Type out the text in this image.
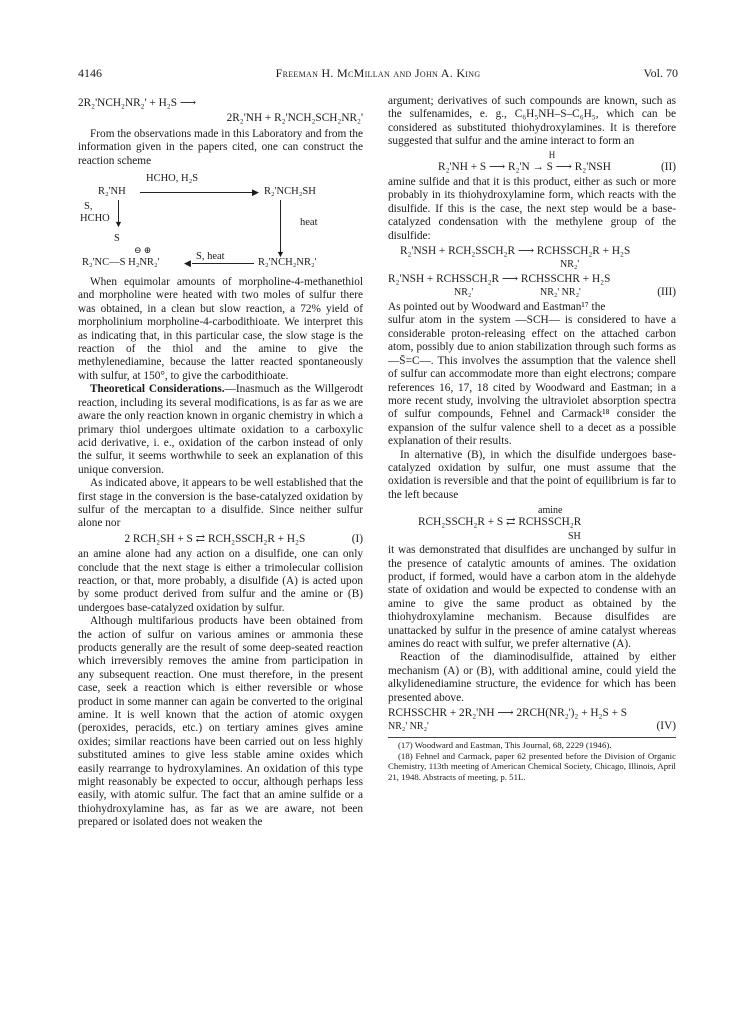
4146	Freeman H. McMillan and John A. King	Vol. 70
2R₂'NCH₂NR₂' + H₂S ⟶
2R₂'NH + R₂'NCH₂SCH₂NR₂'

From the observations made in this Laboratory and from the information given in the papers cited, one can construct the reaction scheme

HCHO, H₂S
R₂'NH	▶ R₂'NCH₂SH
S,
HCHO ▼
▼
heat
S
⊖ ⊕
R₂'NC—S H₂NR₂'
S, heat
◀	R₂'NCH₂NR₂'

When equimolar amounts of morpholine-4-methanethiol and morpholine were heated with two moles of sulfur there was obtained, in a clean but slow reaction, a 72% yield of morpholinium morpholine-4-carbodithioate. We interpret this as indicating that, in this particular case, the slow stage is the reaction of the thiol and the amine to give the methylenediamine, because the latter reacted spontaneously with sulfur, at 150°, to give the carbodithioate.

Theoretical Considerations.—Inasmuch as the Willgerodt reaction, including its several modifications, is as far as we are aware the only reaction known in organic chemistry in which a primary thiol undergoes ultimate oxidation to a carboxylic acid derivative, i. e., oxidation of the carbon instead of only the sulfur, it seems worthwhile to seek an explanation of this unique conversion.

As indicated above, it appears to be well established that the first stage in the conversion is the base-catalyzed oxidation by sulfur of the mercaptan to a disulfide. Since neither sulfur alone nor

2 RCH₂SH + S ⇄ RCH₂SSCH₂R + H₂S	(I)

an amine alone had any action on a disulfide, one can only conclude that the next stage is either a trimolecular collision reaction, or that, more probably, a disulfide (A) is acted upon by some product derived from sulfur and the amine or (B) undergoes base-catalyzed oxidation by sulfur.

Although multifarious products have been obtained from the action of sulfur on various amines or ammonia these products generally are the result of some deep-seated reaction which irreversibly removes the amine from participation in any subsequent reaction. One must therefore, in the present case, seek a reaction which is either reversible or whose product in some manner can again be converted to the original amine. It is well known that the action of atomic oxygen (peroxides, peracids, etc.) on tertiary amines gives amine oxides; similar reactions have been carried out on less highly substituted amines to give less stable amine oxides which easily rearrange to hydroxylamines. An oxidation of this type might reasonably be expected to occur, although perhaps less easily, with atomic sulfur. The fact that an amine sulfide or a thiohydroxylamine has, as far as we are aware, not been prepared or isolated does not weaken the

argument; derivatives of such compounds are known, such as the sulfenamides, e. g., C₆H₅NH–S–C₆H₅, which can be considered as substituted thiohydroxylamines. It is therefore suggested that sulfur and the amine interact to form an

H
R₂'NH + S ⟶ R₂'N → S ⟶ R₂'NSH	(II)

amine sulfide and that it is this product, either as such or more probably in its thiohydroxylamine form, which reacts with the disulfide. If this is the case, the next step would be a base-catalyzed condensation with the methylene group of the disulfide:

R₂'NSH + RCH₂SSCH₂R ⟶ RCHSSCH₂R + H₂S
NR₂'
R₂'NSH + RCHSSCH₂R ⟶ RCHSSCHR + H₂S
NR₂'	NR₂' NR₂'	(III)

As pointed out by Woodward and Eastman¹⁷ the

sulfur atom in the system —SCH— is considered to have a considerable proton-releasing effect on the attached carbon atom, possibly due to anion stabilization through such forms as —S̄=C—. This involves the assumption that the valence shell of sulfur can accommodate more than eight electrons; compare references 16, 17, 18 cited by Woodward and Eastman; in a more recent study, involving the ultraviolet absorption spectra of sulfur compounds, Fehnel and Carmack¹⁸ consider the expansion of the sulfur valence shell to a decet as a possible explanation of their results.

In alternative (B), in which the disulfide undergoes base-catalyzed oxidation by sulfur, one must assume that the oxidation is reversible and that the point of equilibrium is far to the left because

amine
RCH₂SSCH₂R + S ⇄ RCHSSCH₂R
SH

it was demonstrated that disulfides are unchanged by sulfur in the presence of catalytic amounts of amines. The oxidation product, if formed, would have a carbon atom in the aldehyde state of oxidation and would be expected to condense with an amine to give the same product as obtained by the thiohydroxylamine mechanism. Because disulfides are unattacked by sulfur in the presence of amine catalyst whereas amines do react with sulfur, we prefer alternative (A).

Reaction of the diaminodisulfide, attained by either mechanism (A) or (B), with additional amine, could yield the alkylidenediamine structure, the evidence for which has been presented above.

RCHSSCHR + 2R₂'NH ⟶ 2RCH(NR₂')₂ + H₂S + S
NR₂' NR₂'	(IV)

(17) Woodward and Eastman, This Journal, 68, 2229 (1946).

(18) Fehnel and Carmack, paper 62 presented before the Division of Organic Chemistry, 113th meeting of American Chemical Society, Chicago, Illinois, April 21, 1948. Abstracts of meeting, p. 51L.
